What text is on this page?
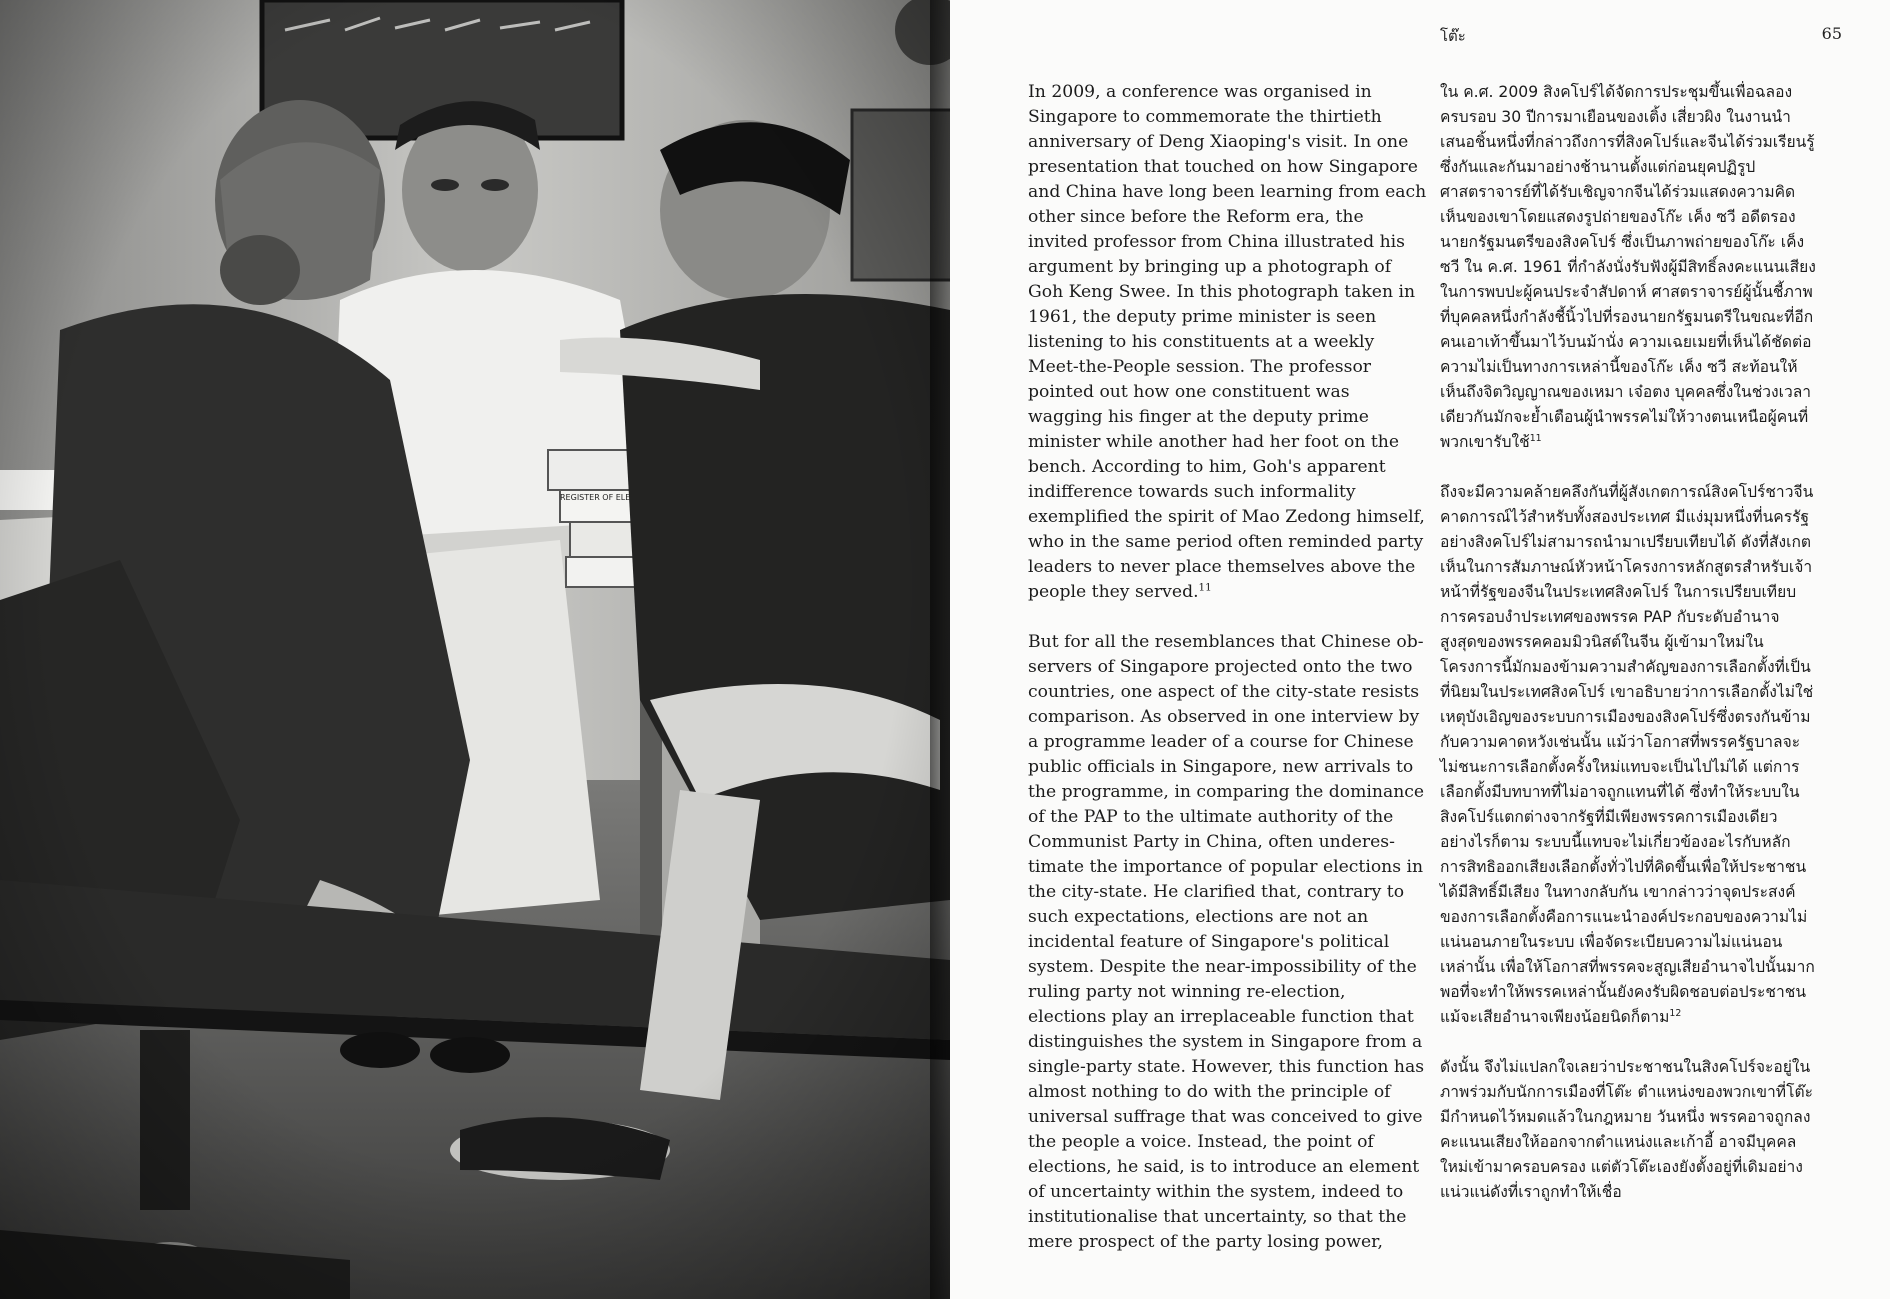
โต๊ะ	65

In 2009, a conference was organised in Singapore to commemorate the thirtieth anniversary of Deng Xiaoping's visit. In one presentation that touched on how Singapore and China have long been learning from each other since before the Reform era, the invited professor from China illustrated his argument by bringing up a photograph of Goh Keng Swee. In this photograph taken in 1961, the deputy prime minister is seen listening to his constituents at a weekly Meet-the-People session. The professor pointed out how one constituent was wagging his finger at the deputy prime minister while another had her foot on the bench. According to him, Goh's apparent indifference towards such informality exemplified the spirit of Mao Zedong himself, who in the same period often reminded party leaders to never place themselves above the people they served.$^{11}$

But for all the resemblances that Chinese observers of Singapore projected onto the two countries, one aspect of the city-state resists comparison. As observed in one interview by a programme leader of a course for Chinese public officials in Singapore, new arrivals to the programme, in comparing the dominance of the PAP to the ultimate authority of the Communist Party in China, often underestimate the importance of popular elections in the city-state. He clarified that, contrary to such expectations, elections are not an incidental feature of Singapore's political system. Despite the near-impossibility of the ruling party not winning re-election, elections play an irreplaceable function that distinguishes the system in Singapore from a single-party state. However, this function has almost nothing to do with the principle of universal suffrage that was conceived to give the people a voice. Instead, the point of elections, he said, is to introduce an element of uncertainty within the system, indeed to institutionalise that uncertainty, so that the mere prospect of the party losing power,

ใน ค.ศ. 2009 สิงคโปร์ได้จัดการประชุมขึ้นเพื่อฉลองครบรอบ 30 ปีการมาเยือนของเติ้ง เสี่ยวผิง ในงานนำเสนอชิ้นหนึ่งที่กล่าวถึงการที่สิงคโปร์และจีนได้ร่วมเรียนรู้ซึ่งกันและกันมาอย่างช้านานตั้งแต่ก่อนยุคปฏิรูป ศาสตราจารย์ที่ได้รับเชิญจากจีนได้ร่วมแสดงความคิดเห็นของเขาโดยแสดงรูปถ่ายของโก๊ะ เค็ง ซวี อดีตรองนายกรัฐมนตรีของสิงคโปร์ ซึ่งเป็นภาพถ่ายของโก๊ะ เค็ง ซวี ใน ค.ศ. 1961 ที่กำลังนั่งรับฟังผู้มีสิทธิ์ลงคะแนนเสียงในการพบปะผู้คนประจำสัปดาห์ ศาสตราจารย์ผู้นั้นชี้ภาพที่บุคคลหนึ่งกำลังชี้นิ้วไปที่รองนายกรัฐมนตรีในขณะที่อีกคนเอาเท้าขึ้นมาไว้บนม้านั่ง ความเฉยเมยที่เห็นได้ชัดต่อความไม่เป็นทางการเหล่านี้ของโก๊ะ เค็ง ซวี สะท้อนให้เห็นถึงจิตวิญญาณของเหมา เจ๋อตง บุคคลซึ่งในช่วงเวลาเดียวกันมักจะย้ำเตือนผู้นำพรรคไม่ให้วางตนเหนือผู้คนที่พวกเขารับใช้$^{11}$

ถึงจะมีความคล้ายคลึงกันที่ผู้สังเกตการณ์สิงคโปร์ชาวจีนคาดการณ์ไว้สำหรับทั้งสองประเทศ มีแง่มุมหนึ่งที่นครรัฐอย่างสิงคโปร์ไม่สามารถนำมาเปรียบเทียบได้ ดังที่สังเกตเห็นในการสัมภาษณ์หัวหน้าโครงการหลักสูตรสำหรับเจ้าหน้าที่รัฐของจีนในประเทศสิงคโปร์ ในการเปรียบเทียบการครอบงำประเทศของพรรค PAP กับระดับอำนาจสูงสุดของพรรคคอมมิวนิสต์ในจีน ผู้เข้ามาใหม่ในโครงการนี้มักมองข้ามความสำคัญของการเลือกตั้งที่เป็นที่นิยมในประเทศสิงคโปร์ เขาอธิบายว่าการเลือกตั้งไม่ใช่เหตุบังเอิญของระบบการเมืองของสิงคโปร์ซึ่งตรงกันข้ามกับความคาดหวังเช่นนั้น แม้ว่าโอกาสที่พรรครัฐบาลจะไม่ชนะการเลือกตั้งครั้งใหม่แทบจะเป็นไปไม่ได้ แต่การเลือกตั้งมีบทบาทที่ไม่อาจถูกแทนที่ได้ ซึ่งทำให้ระบบในสิงคโปร์แตกต่างจากรัฐที่มีเพียงพรรคการเมืองเดียว อย่างไรก็ตาม ระบบนี้แทบจะไม่เกี่ยวข้องอะไรกับหลักการสิทธิออกเสียงเลือกตั้งทั่วไปที่คิดขึ้นเพื่อให้ประชาชนได้มีสิทธิ์มีเสียง ในทางกลับกัน เขากล่าวว่าจุดประสงค์ของการเลือกตั้งคือการแนะนำองค์ประกอบของความไม่แน่นอนภายในระบบ เพื่อจัดระเบียบความไม่แน่นอนเหล่านั้น เพื่อให้โอกาสที่พรรคจะสูญเสียอำนาจไปนั้นมากพอที่จะทำให้พรรคเหล่านั้นยังคงรับผิดชอบต่อประชาชนแม้จะเสียอำนาจเพียงน้อยนิดก็ตาม$^{12}$

ดังนั้น จึงไม่แปลกใจเลยว่าประชาชนในสิงคโปร์จะอยู่ในภาพร่วมกับนักการเมืองที่โต๊ะ ตำแหน่งของพวกเขาที่โต๊ะมีกำหนดไว้หมดแล้วในกฎหมาย วันหนึ่ง พรรคอาจถูกลงคะแนนเสียงให้ออกจากตำแหน่งและเก้าอี้ อาจมีบุคคลใหม่เข้ามาครอบครอง แต่ตัวโต๊ะเองยังตั้งอยู่ที่เดิมอย่างแน่วแน่ดังที่เราถูกทำให้เชื่อ
